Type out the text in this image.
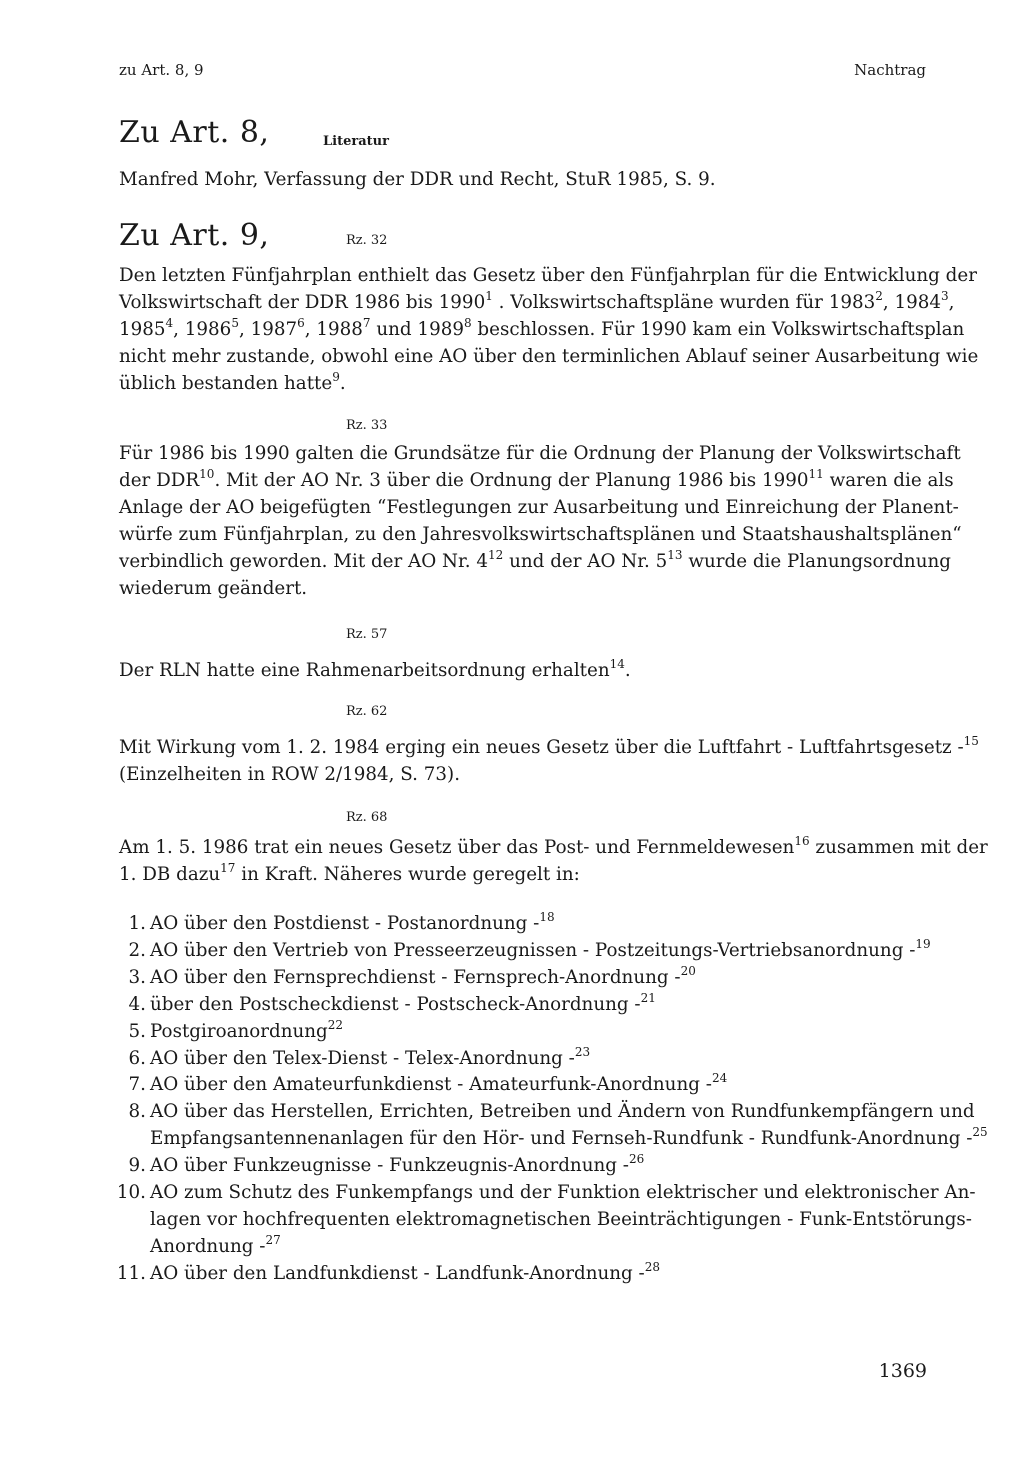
zu Art. 8, 9	Nachtrag
Zu Art. 8,	Literatur
Manfred Mohr, Verfassung der DDR und Recht, StuR 1985, S. 9.
Zu Art. 9,	Rz. 32
Den letzten Fünfjahrplan enthielt das Gesetz über den Fünfjahrplan für die Entwicklung der
Volkswirtschaft der DDR 1986 bis 1990$^1$ . Volkswirtschaftspläne wurden für 1983$^2$, 1984$^3$,
1985$^4$, 1986$^5$, 1987$^6$, 1988$^7$ und 1989$^8$ beschlossen. Für 1990 kam ein Volkswirtschaftsplan
nicht mehr zustande, obwohl eine AO über den terminlichen Ablauf seiner Ausarbeitung wie
üblich bestanden hatte$^9$.
Rz. 33
Für 1986 bis 1990 galten die Grundsätze für die Ordnung der Planung der Volkswirtschaft
der DDR$^{10}$. Mit der AO Nr. 3 über die Ordnung der Planung 1986 bis 1990$^{11}$ waren die als
Anlage der AO beigefügten “Festlegungen zur Ausarbeitung und Einreichung der Planent-
würfe zum Fünfjahrplan, zu den Jahresvolkswirtschaftsplänen und Staatshaushaltsplänen“
verbindlich geworden. Mit der AO Nr. $4^{12}$ und der AO Nr. $5^{13}$ wurde die Planungsordnung
wiederum geändert.
Rz. 57
Der RLN hatte eine Rahmenarbeitsordnung erhalten$^{14}$.
Rz. 62
Mit Wirkung vom 1. 2. 1984 erging ein neues Gesetz über die Luftfahrt - Luftfahrtsgesetz -$^{15}$
(Einzelheiten in ROW 2/1984, S. 73).
Rz. 68
Am 1. 5. 1986 trat ein neues Gesetz über das Post- und Fernmeldewesen$^{16}$ zusammen mit der
1. DB dazu$^{17}$ in Kraft. Näheres wurde geregelt in:
1. AO über den Postdienst - Postanordnung -$^{18}$
2. AO über den Vertrieb von Presseerzeugnissen - Postzeitungs-Vertriebsanordnung -$^{19}$
3. AO über den Fernsprechdienst - Fernsprech-Anordnung -$^{20}$
4. über den Postscheckdienst - Postscheck-Anordnung -$^{21}$
5. Postgiroanordnung$^{22}$
6. AO über den Telex-Dienst - Telex-Anordnung -$^{23}$
7. AO über den Amateurfunkdienst - Amateurfunk-Anordnung -$^{24}$
8. AO über das Herstellen, Errichten, Betreiben und Ändern von Rundfunkempfängern und
Empfangsantennenanlagen für den Hör- und Fernseh-Rundfunk - Rundfunk-Anordnung -$^{25}$
9. AO über Funkzeugnisse - Funkzeugnis-Anordnung -$^{26}$
10. AO zum Schutz des Funkempfangs und der Funktion elektrischer und elektronischer An-
lagen vor hochfrequenten elektromagnetischen Beeinträchtigungen - Funk-Entstörungs-
Anordnung -$^{27}$
11. AO über den Landfunkdienst - Landfunk-Anordnung -$^{28}$
1369
